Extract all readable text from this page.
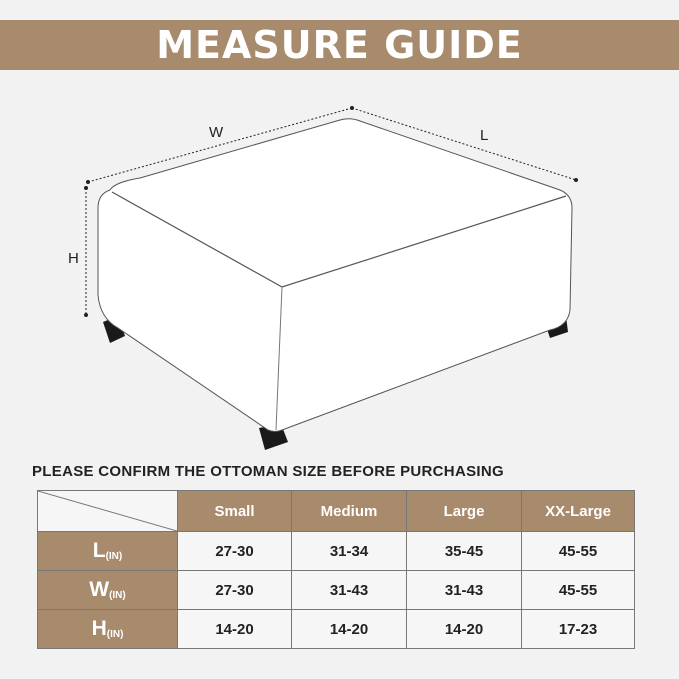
MEASURE GUIDE
W	L
H
PLEASE CONFIRM THE OTTOMAN SIZE BEFORE PURCHASING
	Small	Medium	Large	XX-Large
$L_{(IN)}$	27-30	31-34	35-45	45-55
$W_{(IN)}$	27-30	31-43	31-43	45-55
$H_{(IN)}$	14-20	14-20	14-20	17-23
